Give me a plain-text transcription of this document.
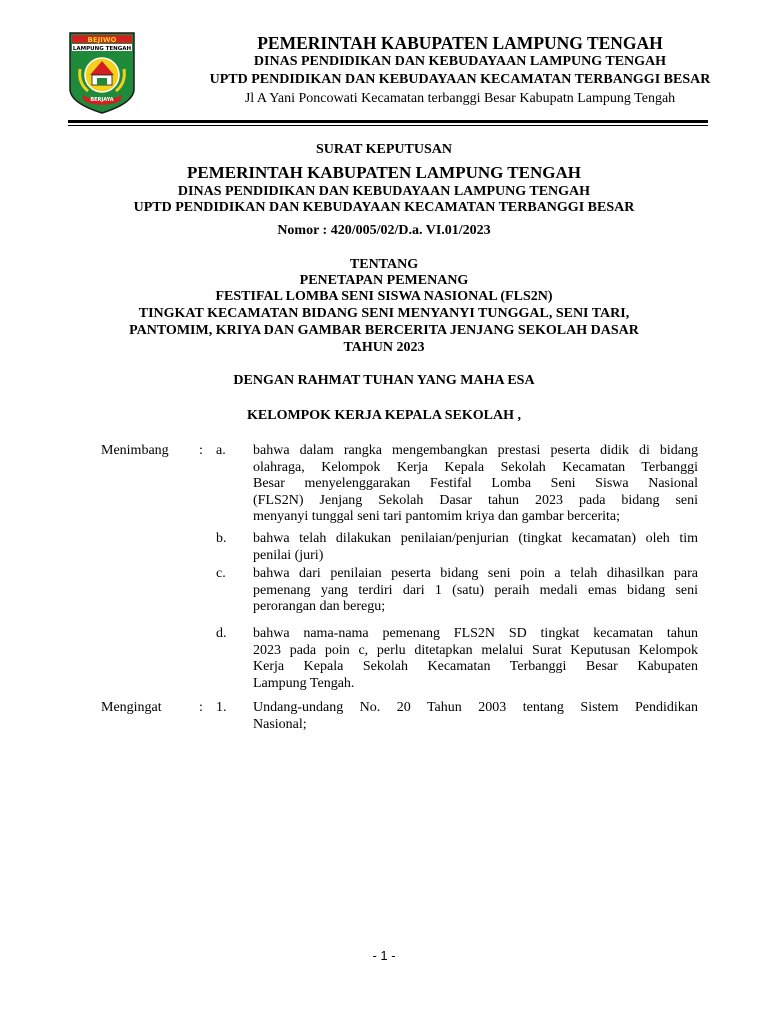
BEJIWO
LAMPUNG TENGAH
BERJAYA
PEMERINTAH KABUPATEN LAMPUNG TENGAH
DINAS PENDIDIKAN DAN KEBUDAYAAN LAMPUNG TENGAH
UPTD PENDIDIKAN DAN KEBUDAYAAN KECAMATAN TERBANGGI BESAR
Jl A Yani Poncowati Kecamatan terbanggi Besar Kabupatn Lampung Tengah
SURAT KEPUTUSAN
PEMERINTAH KABUPATEN LAMPUNG TENGAH
DINAS PENDIDIKAN DAN KEBUDAYAAN LAMPUNG TENGAH
UPTD PENDIDIKAN DAN KEBUDAYAAN KECAMATAN TERBANGGI BESAR
Nomor : 420/005/02/D.a. VI.01/2023
TENTANG
PENETAPAN PEMENANG
FESTIFAL LOMBA SENI SISWA NASIONAL (FLS2N)
TINGKAT KECAMATAN BIDANG SENI MENYANYI TUNGGAL, SENI TARI,
PANTOMIM, KRIYA DAN GAMBAR BERCERITA JENJANG SEKOLAH DASAR
TAHUN 2023
DENGAN RAHMAT TUHAN YANG MAHA ESA
KELOMPOK KERJA KEPALA SEKOLAH ,
Menimbang : a. bahwa dalam rangka mengembangkan prestasi peserta didik di bidang
olahraga, Kelompok Kerja Kepala Sekolah Kecamatan Terbanggi
Besar menyelenggarakan Festifal Lomba Seni Siswa Nasional
(FLS2N) Jenjang Sekolah Dasar tahun 2023 pada bidang seni
menyanyi tunggal seni tari pantomim kriya dan gambar bercerita;
b. bahwa telah dilakukan penilaian/penjurian (tingkat kecamatan) oleh tim
penilai (juri)
c. bahwa dari penilaian peserta bidang seni poin a telah dihasilkan para
pemenang yang terdiri dari 1 (satu) peraih medali emas bidang seni
perorangan dan beregu;
d. bahwa nama-nama pemenang FLS2N SD tingkat kecamatan tahun
2023 pada poin c, perlu ditetapkan melalui Surat Keputusan Kelompok
Kerja Kepala Sekolah Kecamatan Terbanggi Besar Kabupaten
Lampung Tengah.
Mengingat	: 1. Undang-undang No. 20 Tahun 2003 tentang Sistem Pendidikan
Nasional;
- 1 -
